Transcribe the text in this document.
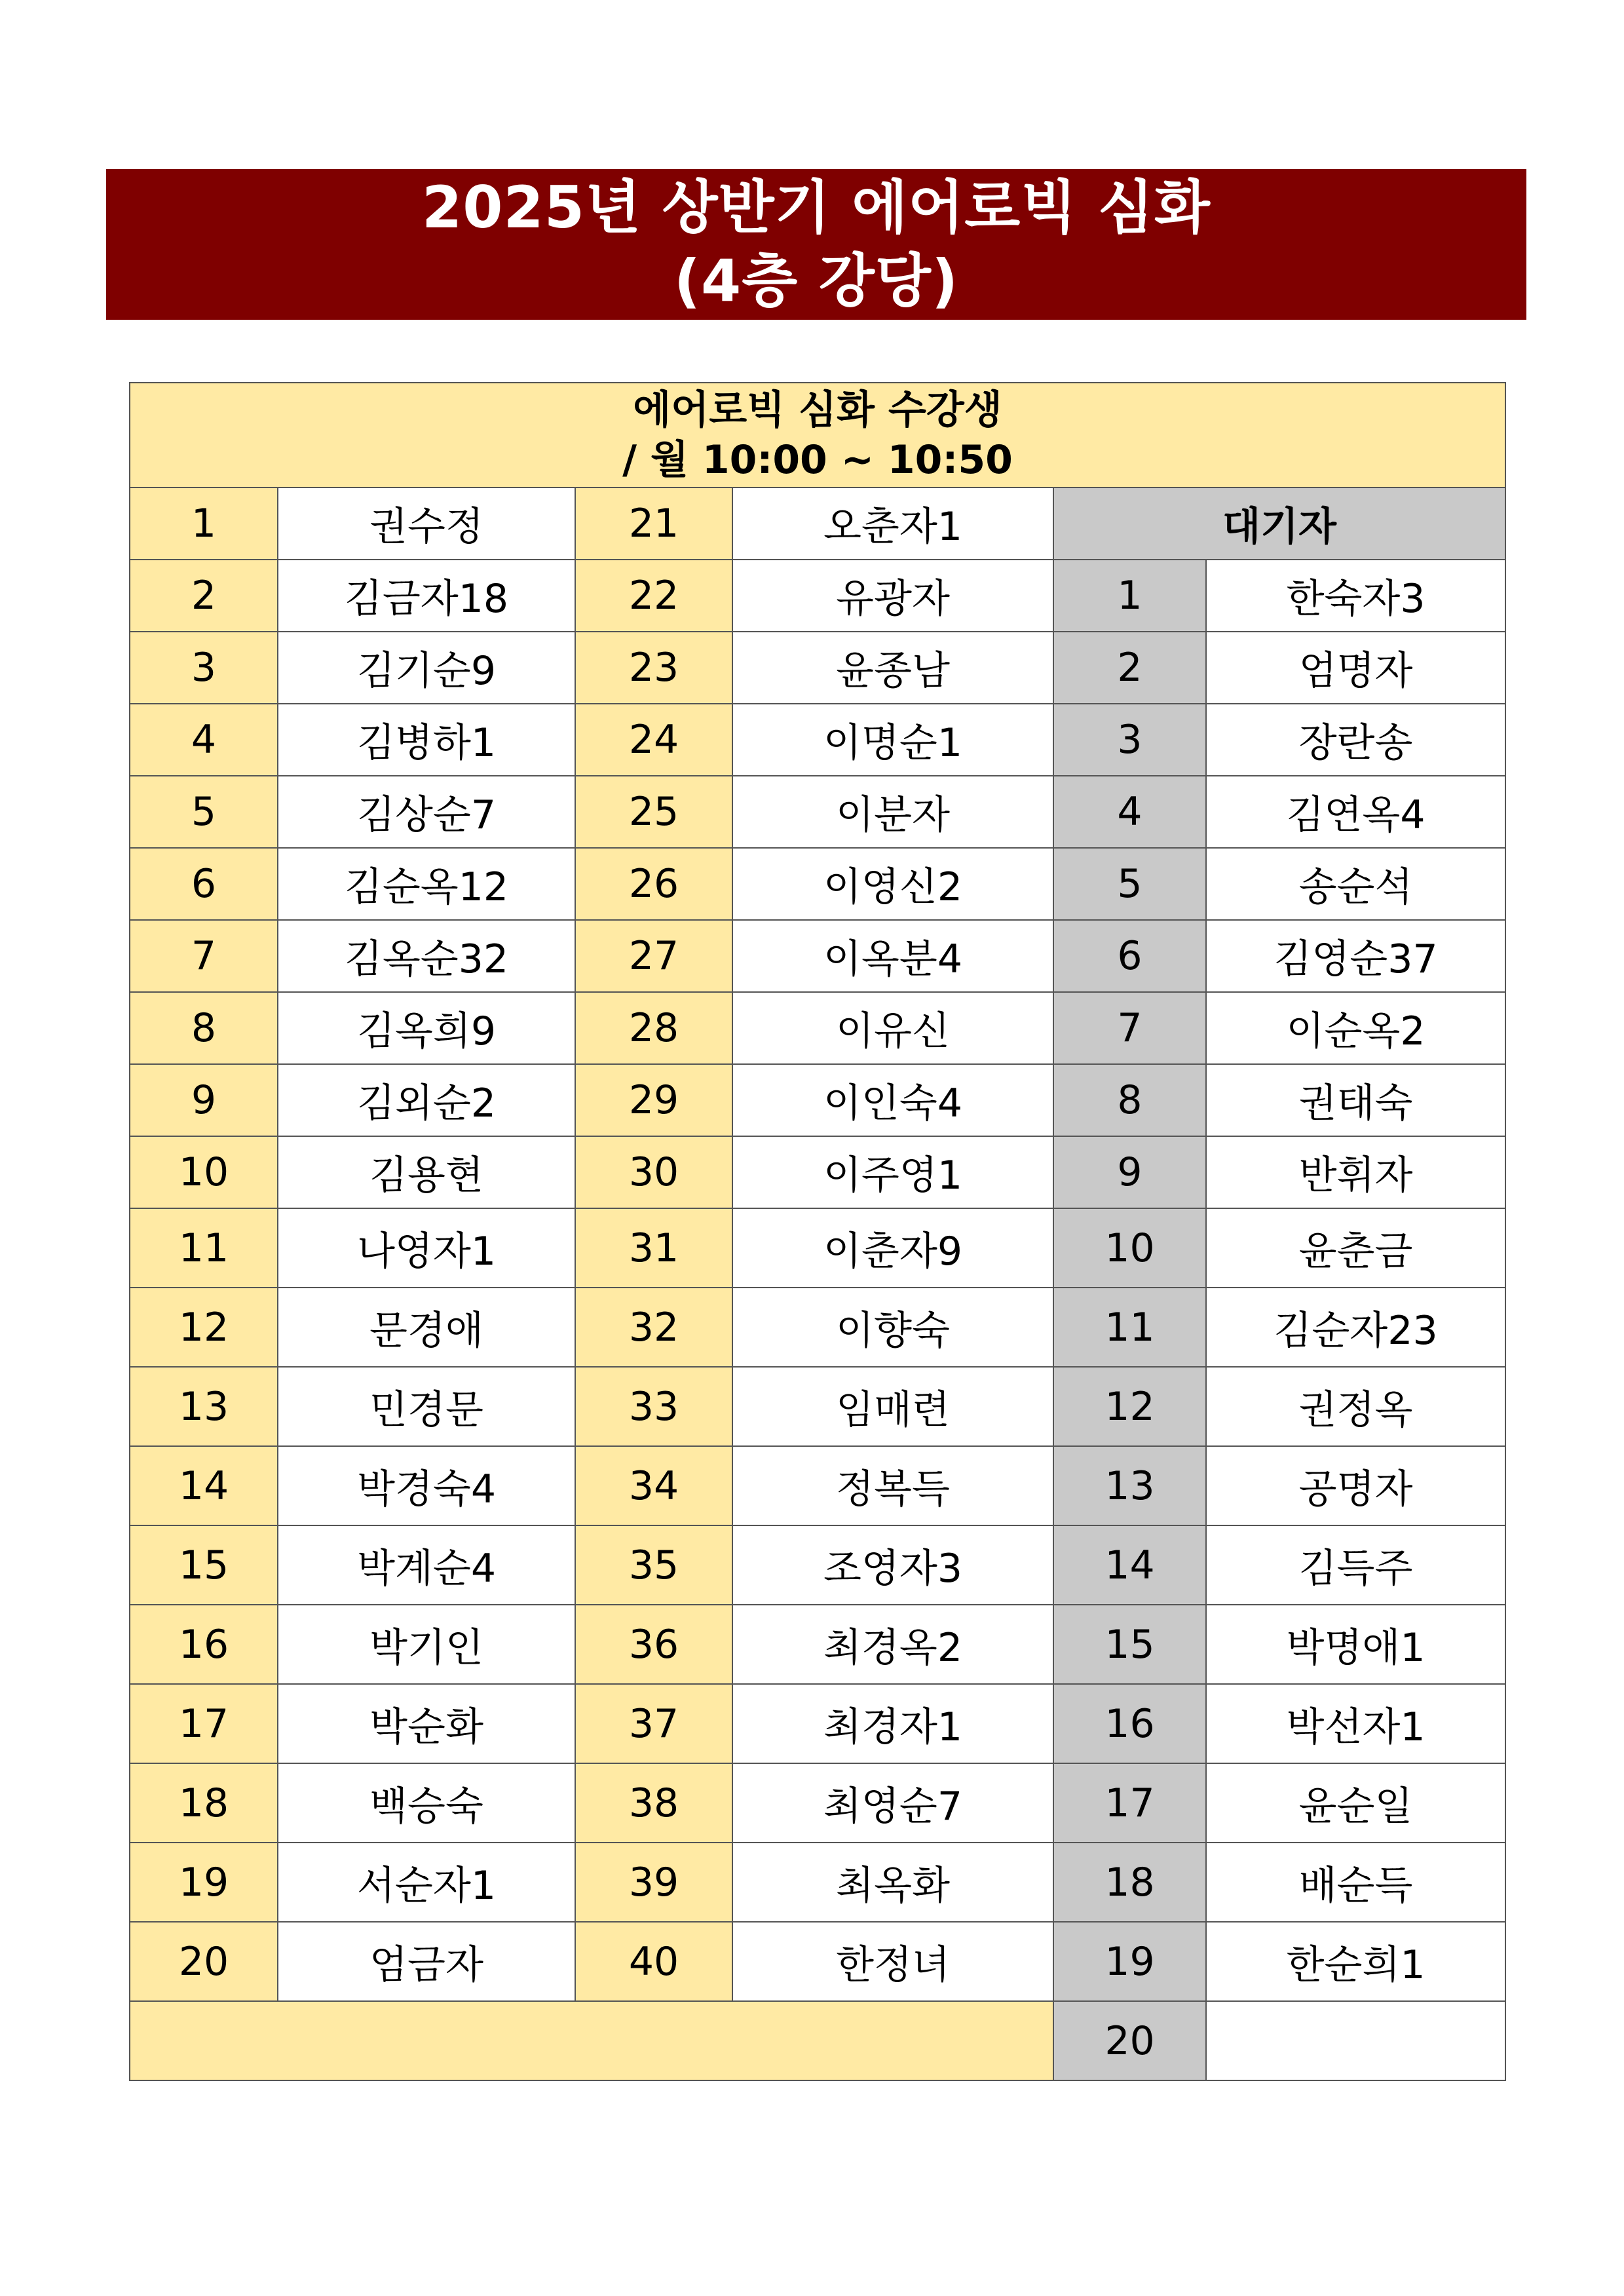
2025년 상반기 에어로빅 심화
(4층 강당)
에어로빅 심화 수강생
/ 월 10:00 ~ 10:50					

1	권수정	21	오춘자1	대기자	
2	김금자18	22	유광자	1	한숙자3
3	김기순9	23	윤종남	2	엄명자
4	김병하1	24	이명순1	3	장란송
5	김상순7	25	이분자	4	김연옥4
6	김순옥12	26	이영신2	5	송순석
7	김옥순32	27	이옥분4	6	김영순37
8	김옥희9	28	이유신	7	이순옥2
9	김외순2	29	이인숙4	8	권태숙
10	김용현	30	이주영1	9	반휘자
11	나영자1	31	이춘자9	10	윤춘금
12	문경애	32	이향숙	11	김순자23
13	민경문	33	임매련	12	권정옥
14	박경숙4	34	정복득	13	공명자
15	박계순4	35	조영자3	14	김득주
16	박기인	36	최경옥2	15	박명애1
17	박순화	37	최경자1	16	박선자1
18	백승숙	38	최영순7	17	윤순일
19	서순자1	39	최옥화	18	배순득
20	엄금자	40	한정녀	19	한순희1
				20	
